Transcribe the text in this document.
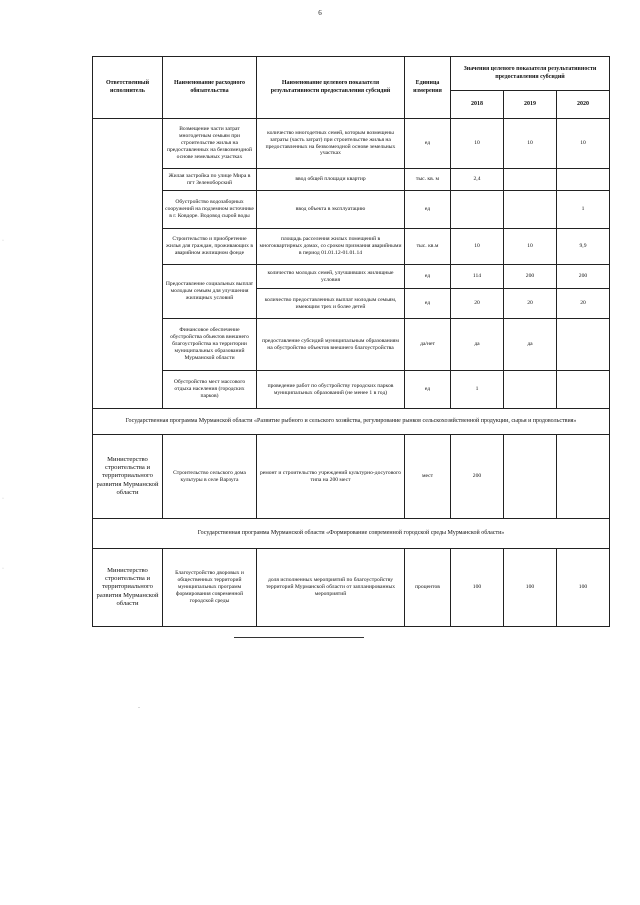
6
Ответственный исполнитель	Наименование расходного обязательства	Наименование целевого показателя результативности предоставления субсидий	Единица измерения	Значения целевого показателя результативности предоставления субсидий		
				2018	2019	2020
	Возмещение части затрат многодетным семьям при строительстве жилья на предоставленных на безвозмездной основе земельных участках	количество многодетных семей, которым возмещены затраты (часть затрат) при строительстве жилья на предоставленных на безвозмездной основе земельных участках	ед	10	10	10
	Жилая застройка по улице Мира в пгт Зеленоборский	ввод общей площади квартир	тыс. кв. м	2,4		
	Обустройство водозаборных сооружений на подземном источнике в г. Ковдоре. Водовод сырой воды	ввод объекта в эксплуатацию	ед			1
	Строительство и приобретение жилья для граждан, проживающих в аварийном жилищном фонде	площадь расселения жилых помещений в многоквартирных домах, со сроком признания аварийными в период 01.01.12-01.01.14	тыс. кв.м	10	10	9,9
	Предоставление социальных выплат молодым семьям для улучшения жилищных условий	количество молодых семей, улучшивших жилищные условия	ед	114	200	200
		количество предоставленных выплат молодым семьям, имеющим трех и более детей	ед	20	20	20
	Финансовое обеспечение обустройства объектов внешнего благоустройства на территории муниципальных образований Мурманской области	предоставление субсидий муниципальным образованиям на обустройство объектов внешнего благоустройства	да/нет	да	да	
	Обустройство мест массового отдыха населения (городских парков)	проведение работ по обустройству городских парков муниципальных образований (не менее 1 в год)	ед	1		
Государственная программа Мурманской области «Развитие рыбного и сельского хозяйства, регулирование рынков сельскохозяйственной продукции, сырья и продовольствия»						
Министерство строительства и территориального развития Мурманской области	Строительство сельского дома культуры в селе Варзуга	ремонт и строительство учреждений культурно-досугового типа на 200 мест	мест	200		
Государственная программа Мурманской области «Формирование современной городской среды Мурманской области»						
Министерство строительства и территориального развития Мурманской области	Благоустройство дворовых и общественных территорий муниципальных программ формирования современной городской среды	доля исполненных мероприятий по благоустройству территорий Мурманской области от запланированных мероприятий	процентов	100	100	100
·
·
·
-
